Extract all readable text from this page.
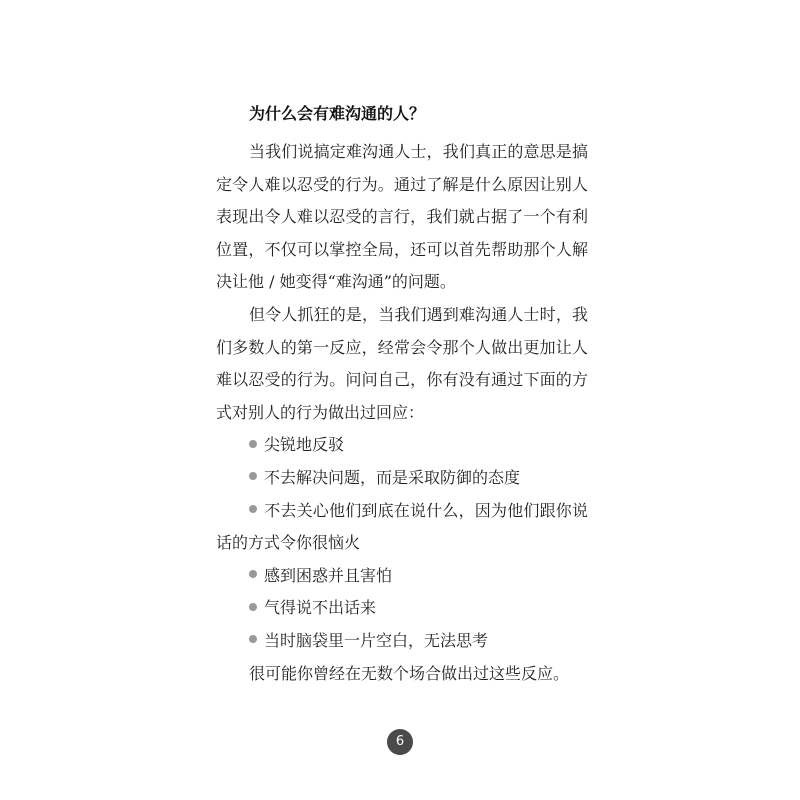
为什么会有难沟通的人？

当我们说搞定难沟通人士，我们真正的意思是搞定令人难以忍受的行为。通过了解是什么原因让别人表现出令人难以忍受的言行，我们就占据了一个有利位置，不仅可以掌控全局，还可以首先帮助那个人解决让他 / 她变得“难沟通”的问题。

但令人抓狂的是，当我们遇到难沟通人士时，我们多数人的第一反应，经常会令那个人做出更加让人难以忍受的行为。问问自己，你有没有通过下面的方式对别人的行为做出过回应：

尖锐地反驳

不去解决问题，而是采取防御的态度

不去关心他们到底在说什么，因为他们跟你说话的方式令你很恼火

感到困惑并且害怕

气得说不出话来

当时脑袋里一片空白，无法思考

很可能你曾经在无数个场合做出过这些反应。

6
